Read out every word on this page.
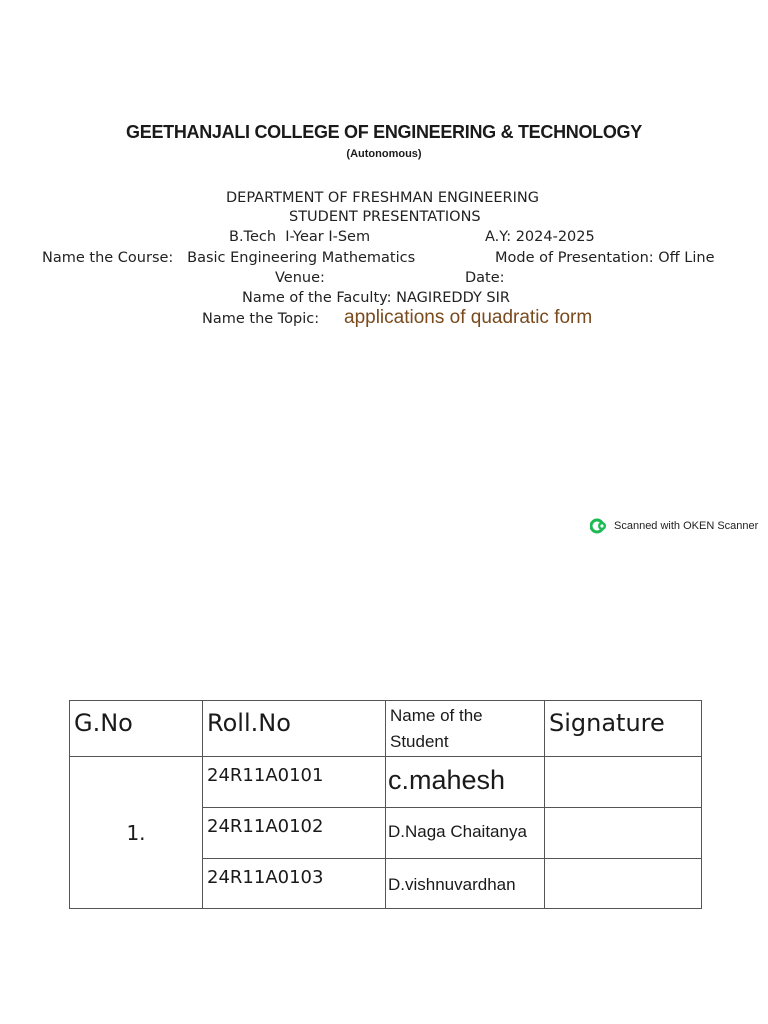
GEETHANJALI COLLEGE OF ENGINEERING & TECHNOLOGY
(Autonomous)
DEPARTMENT OF FRESHMAN ENGINEERING
STUDENT PRESENTATIONS
B.Tech  I-Year I-Sem	A.Y: 2024-2025
Name the Course:   Basic Engineering Mathematics	Mode of Presentation: Off Line
Venue:	Date:
Name of the Faculty: NAGIREDDY SIR
Name the Topic: applications of quadratic form
Scanned with OKEN Scanner
G.No	Roll.No	Name of the Student	Signature
1.	24R11A0101	c.mahesh	
	24R11A0102	D.Naga Chaitanya	
	24R11A0103	D.vishnuvardhan	
